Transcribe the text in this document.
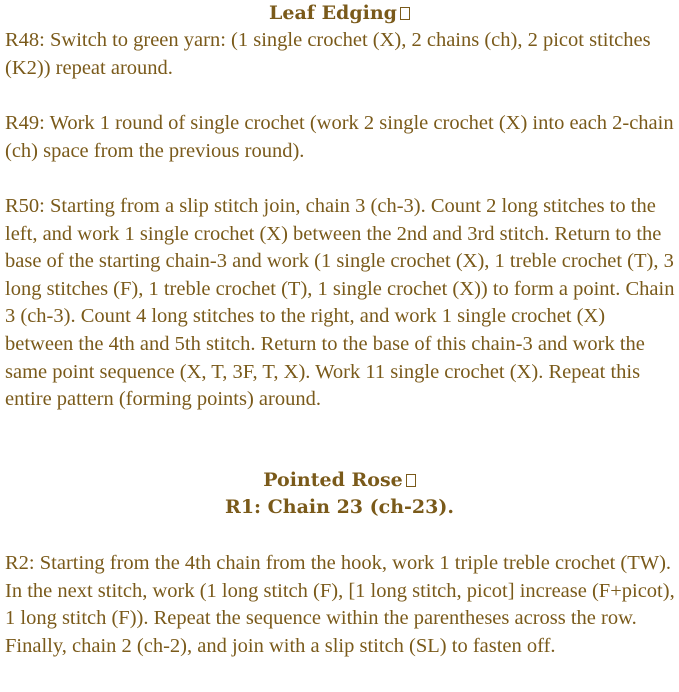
Leaf Edging

R48: Switch to green yarn: (1 single crochet (X), 2 chains (ch), 2 picot stitches (K2)) repeat around.

R49: Work 1 round of single crochet (work 2 single crochet (X) into each 2-chain (ch) space from the previous round).

R50: Starting from a slip stitch join, chain 3 (ch-3). Count 2 long stitches to the left, and work 1 single crochet (X) between the 2nd and 3rd stitch. Return to the base of the starting chain-3 and work (1 single crochet (X), 1 treble crochet (T), 3 long stitches (F), 1 treble crochet (T), 1 single crochet (X)) to form a point. Chain 3 (ch-3). Count 4 long stitches to the right, and work 1 single crochet (X) between the 4th and 5th stitch. Return to the base of this chain-3 and work the same point sequence (X, T, 3F, T, X). Work 11 single crochet (X). Repeat this entire pattern (forming points) around.

Pointed Rose
R1: Chain 23 (ch-23).

R2: Starting from the 4th chain from the hook, work 1 triple treble crochet (TW). In the next stitch, work (1 long stitch (F), [1 long stitch, picot] increase (F+picot), 1 long stitch (F)). Repeat the sequence within the parentheses across the row. Finally, chain 2 (ch-2), and join with a slip stitch (SL) to fasten off.
